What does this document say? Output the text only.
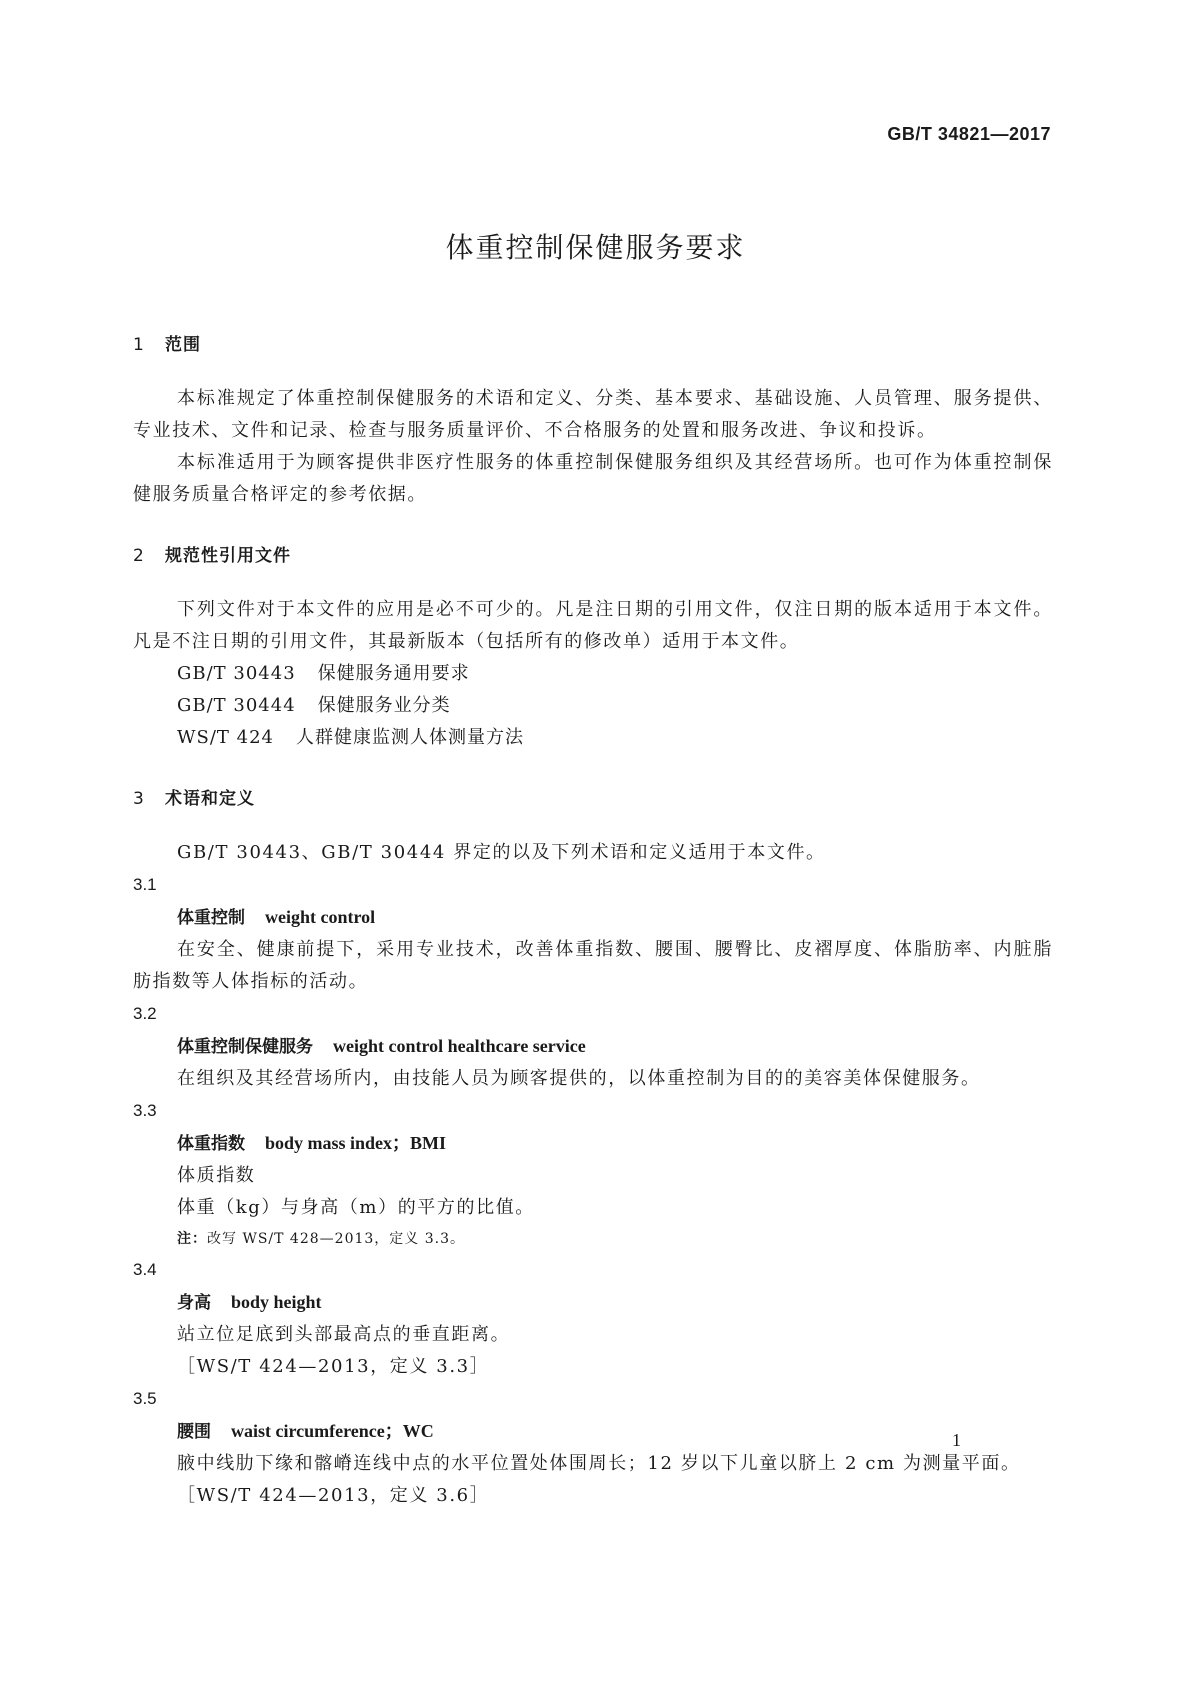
GB/T 34821—2017
体重控制保健服务要求
1 范围

本标准规定了体重控制保健服务的术语和定义、分类、基本要求、基础设施、人员管理、服务提供、专业技术、文件和记录、检查与服务质量评价、不合格服务的处置和服务改进、争议和投诉。

本标准适用于为顾客提供非医疗性服务的体重控制保健服务组织及其经营场所。也可作为体重控制保健服务质量合格评定的参考依据。

2 规范性引用文件

下列文件对于本文件的应用是必不可少的。凡是注日期的引用文件，仅注日期的版本适用于本文件。凡是不注日期的引用文件，其最新版本（包括所有的修改单）适用于本文件。

GB/T 30443 保健服务通用要求
GB/T 30444 保健服务业分类
WS/T 424 人群健康监测人体测量方法
3 术语和定义

GB/T 30443、GB/T 30444 界定的以及下列术语和定义适用于本文件。

3.1
体重控制 weight control

在安全、健康前提下，采用专业技术，改善体重指数、腰围、腰臀比、皮褶厚度、体脂肪率、内脏脂肪指数等人体指标的活动。

3.2
体重控制保健服务 weight control healthcare service

在组织及其经营场所内，由技能人员为顾客提供的，以体重控制为目的的美容美体保健服务。

3.3
体重指数 body mass index；BMI

体质指数

体重（kg）与身高（m）的平方的比值。

注：改写 WS/T 428—2013，定义 3.3。

3.4
身高 body height

站立位足底到头部最高点的垂直距离。

［WS/T 424—2013，定义 3.3］

3.5
腰围 waist circumference；WC

腋中线肋下缘和髂嵴连线中点的水平位置处体围周长；12 岁以下儿童以脐上 2 cm 为测量平面。

［WS/T 424—2013，定义 3.6］

1
